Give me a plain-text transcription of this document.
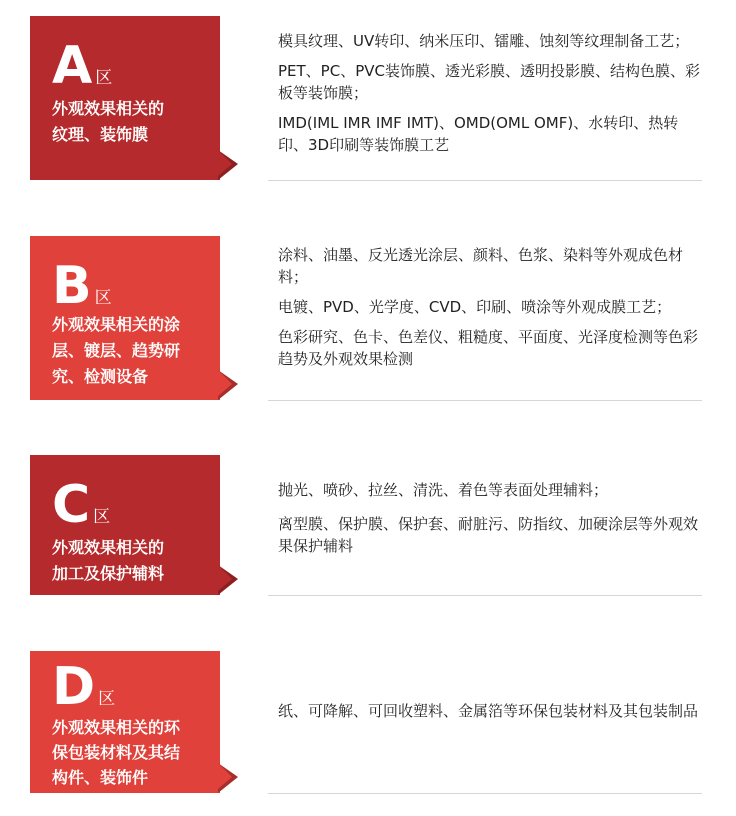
A 区
外观效果相关的
纹理、装饰膜

模具纹理、UV转印、纳米压印、镭雕、蚀刻等纹理制备工艺；

PET、PC、PVC装饰膜、透光彩膜、透明投影膜、结构色膜、彩板等装饰膜；

IMD(IML IMR IMF IMT)、OMD(OML OMF)、水转印、热转印、3D印刷等装饰膜工艺

B 区
外观效果相关的涂
层、镀层、趋势研
究、检测设备

涂料、油墨、反光透光涂层、颜料、色浆、染料等外观成色材料；

电镀、PVD、光学度、CVD、印刷、喷涂等外观成膜工艺；

色彩研究、色卡、色差仪、粗糙度、平面度、光泽度检测等色彩趋势及外观效果检测

C 区
外观效果相关的
加工及保护辅料

抛光、喷砂、拉丝、清洗、着色等表面处理辅料；

离型膜、保护膜、保护套、耐脏污、防指纹、加硬涂层等外观效果保护辅料

D 区
外观效果相关的环
保包装材料及其结
构件、装饰件

纸、可降解、可回收塑料、金属箔等环保包装材料及其包装制品
